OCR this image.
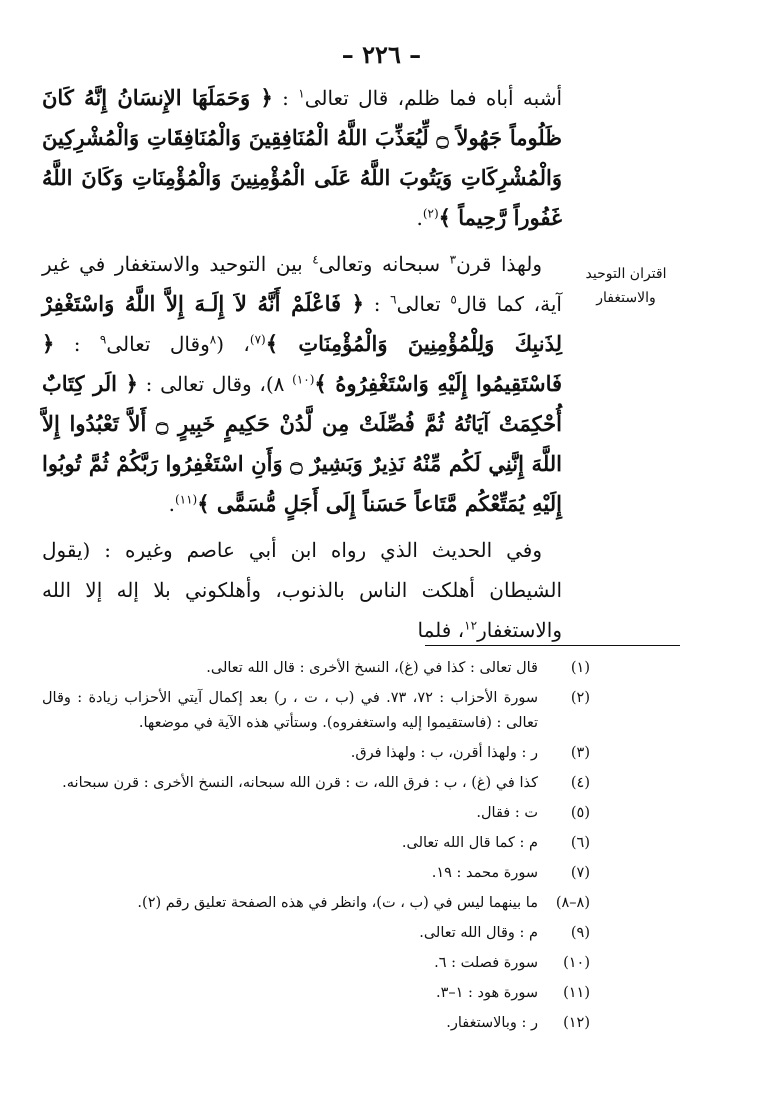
– ٢٢٦ –

أشبه أباه فما ظلم، قال تعالى$^١$ : ﴿ وَحَمَلَهَا الإِنسَانُ إِنَّهُ كَانَ ظَلُوماً جَهُولاً ۝ لِّيُعَذِّبَ اللَّهُ الْمُنَافِقِينَ وَالْمُنَافِقَاتِ وَالْمُشْرِكِينَ وَالْمُشْرِكَاتِ وَيَتُوبَ اللَّهُ عَلَى الْمُؤْمِنِينَ وَالْمُؤْمِنَاتِ وَكَانَ اللَّهُ غَفُوراً رَّحِيماً ﴾$^{(٢)}$.

ولهذا قرن$^٣$ سبحانه وتعالى$^٤$ بين التوحيد والاستغفار في غير آية، كما قال$^٥$ تعالى$^٦$ : ﴿ فَاعْلَمْ أَنَّهُ لاَ إِلَـهَ إِلاَّ اللَّهُ وَاسْتَغْفِرْ لِذَنبِكَ وَلِلْمُؤْمِنِينَ وَالْمُؤْمِنَاتِ ﴾$^{(٧)}$، ($^٨$وقال تعالى$^٩$ : ﴿ فَاسْتَقِيمُوا إِلَيْهِ وَاسْتَغْفِرُوهُ ﴾$^{(١٠)}$ ٨)، وقال تعالى : ﴿ الَر كِتَابٌ أُحْكِمَتْ آيَاتُهُ ثُمَّ فُصِّلَتْ مِن لَّدُنْ حَكِيمٍ خَبِيرٍ ۝ أَلاَّ تَعْبُدُوا إِلاَّ اللَّهَ إِنَّنِي لَكُم مِّنْهُ نَذِيرٌ وَبَشِيرٌ ۝ وَأَنِ اسْتَغْفِرُوا رَبَّكُمْ ثُمَّ تُوبُوا إِلَيْهِ يُمَتِّعْكُم مَّتَاعاً حَسَناً إِلَى أَجَلٍ مُّسَمًّى ﴾$^{(١١)}$.

وفي الحديث الذي رواه ابن أبي عاصم وغيره : (يقول الشيطان أهلكت الناس بالذنوب، وأهلكوني بلا إله إلا الله والاستغفار$^{١٢}$، فلما

اقتران التوحيد والاستغفار
(١)
قال تعالى : كذا في (غ)، النسخ الأخرى : قال الله تعالى.
(٢)
سورة الأحزاب : ٧٢، ٧٣. في (ب ، ت ، ر) بعد إكمال آيتي الأحزاب زيادة : وقال تعالى : (فاستقيموا إليه واستغفروه). وستأتي هذه الآية في موضعها.
(٣)
ر : ولهذا أقرن، ب : ولهذا فرق.
(٤)
كذا في (غ) ، ب : فرق الله، ت : قرن الله سبحانه، النسخ الأخرى : قرن سبحانه.
(٥)
ت : فقال.
(٦)
م : كما قال الله تعالى.
(٧)
سورة محمد : ١٩.
(٨–٨)
ما بينهما ليس في (ب ، ت)، وانظر في هذه الصفحة تعليق رقم (٢).
(٩)
م : وقال الله تعالى.
(١٠)
سورة فصلت : ٦.
(١١)
سورة هود : ١–٣.
(١٢)
ر : وبالاستغفار.
